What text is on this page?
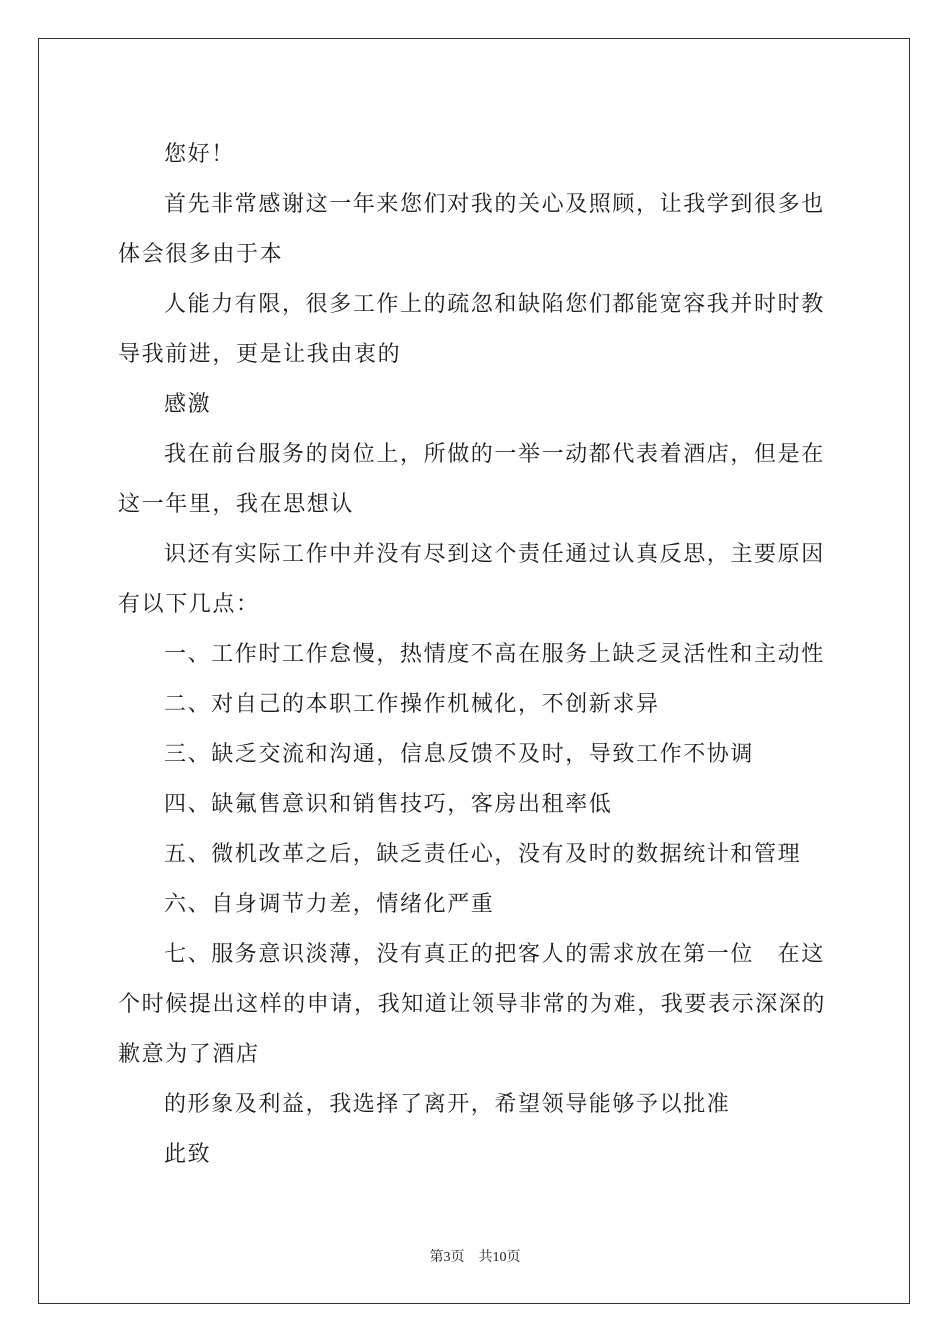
您好！

首先非常感谢这一年来您们对我的关心及照顾，让我学到很多也体会很多由于本

人能力有限，很多工作上的疏忽和缺陷您们都能宽容我并时时教导我前进，更是让我由衷的

感激

我在前台服务的岗位上，所做的一举一动都代表着酒店，但是在这一年里，我在思想认

识还有实际工作中并没有尽到这个责任通过认真反思，主要原因有以下几点：

一、工作时工作怠慢，热情度不高在服务上缺乏灵活性和主动性

二、对自己的本职工作操作机械化，不创新求异

三、缺乏交流和沟通，信息反馈不及时，导致工作不协调

四、缺氟售意识和销售技巧，客房出租率低

五、微机改革之后，缺乏责任心，没有及时的数据统计和管理

六、自身调节力差，情绪化严重

七、服务意识淡薄，没有真正的把客人的需求放在第一位　在这个时候提出这样的申请，我知道让领导非常的为难，我要表示深深的歉意为了酒店

的形象及利益，我选择了离开，希望领导能够予以批准

此致

第3页 共10页
